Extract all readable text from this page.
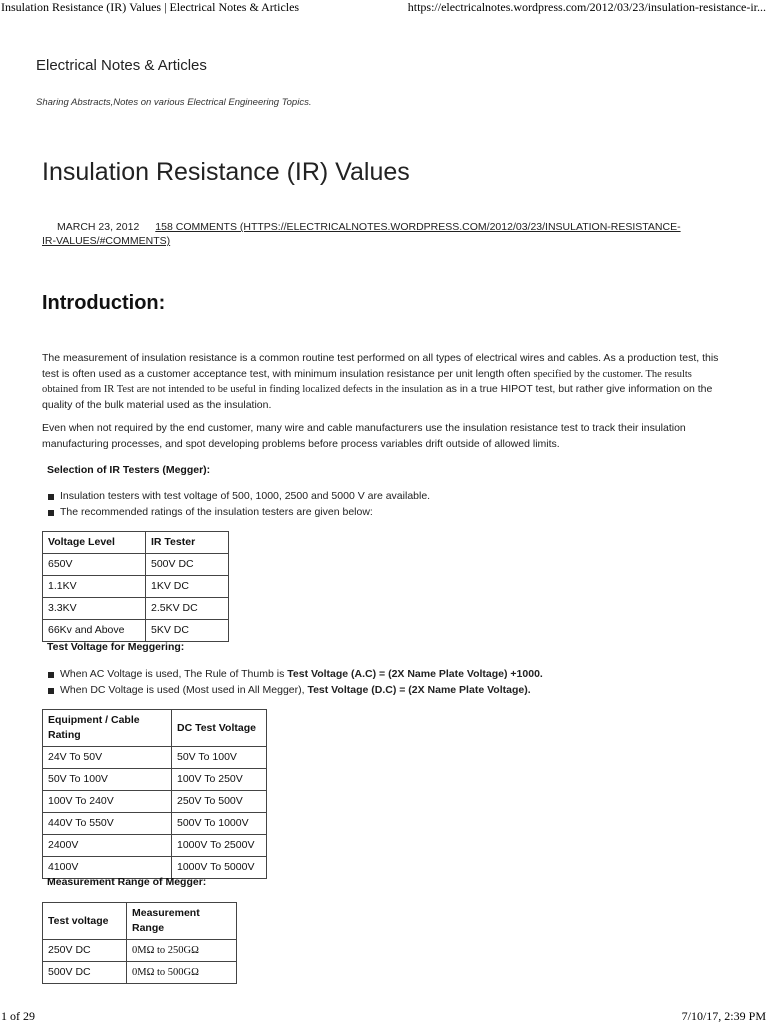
Insulation Resistance (IR) Values | Electrical Notes & Articles	https://electricalnotes.wordpress.com/2012/03/23/insulation-resistance-ir...
Electrical Notes & Articles
Sharing Abstracts,Notes on various Electrical Engineering Topics.
Insulation Resistance (IR) Values
MARCH 23, 2012 158 COMMENTS (HTTPS://ELECTRICALNOTES.WORDPRESS.COM/2012/03/23/INSULATION-RESISTANCE-IR-VALUES/#COMMENTS)
Introduction:

The measurement of insulation resistance is a common routine test performed on all types of electrical wires and cables. As a production test, this test is often used as a customer acceptance test, with minimum insulation resistance per unit length often specified by the customer. The results obtained from IR Test are not intended to be useful in finding localized defects in the insulation as in a true HIPOT test, but rather give information on the quality of the bulk material used as the insulation.

Even when not required by the end customer, many wire and cable manufacturers use the insulation resistance test to track their insulation manufacturing processes, and spot developing problems before process variables drift outside of allowed limits.

Selection of IR Testers (Megger):
Insulation testers with test voltage of 500, 1000, 2500 and 5000 V are available.
The recommended ratings of the insulation testers are given below:
Voltage Level	IR Tester
650V	500V DC
1.1KV	1KV DC
3.3KV	2.5KV DC
66Kv and Above	5KV DC
Test Voltage for Meggering:
When AC Voltage is used, The Rule of Thumb is Test Voltage (A.C) = (2X Name Plate Voltage) +1000.
When DC Voltage is used (Most used in All Megger), Test Voltage (D.C) = (2X Name Plate Voltage).
Equipment / Cable Rating	DC Test Voltage
24V To 50V	50V To 100V
50V To 100V	100V To 250V
100V To 240V	250V To 500V
440V To 550V	500V To 1000V
2400V	1000V To 2500V
4100V	1000V To 5000V
Measurement Range of Megger:
Test voltage	Measurement Range
250V DC	0MΩ to 250GΩ
500V DC	0MΩ to 500GΩ
1 of 29	7/10/17, 2:39 PM
